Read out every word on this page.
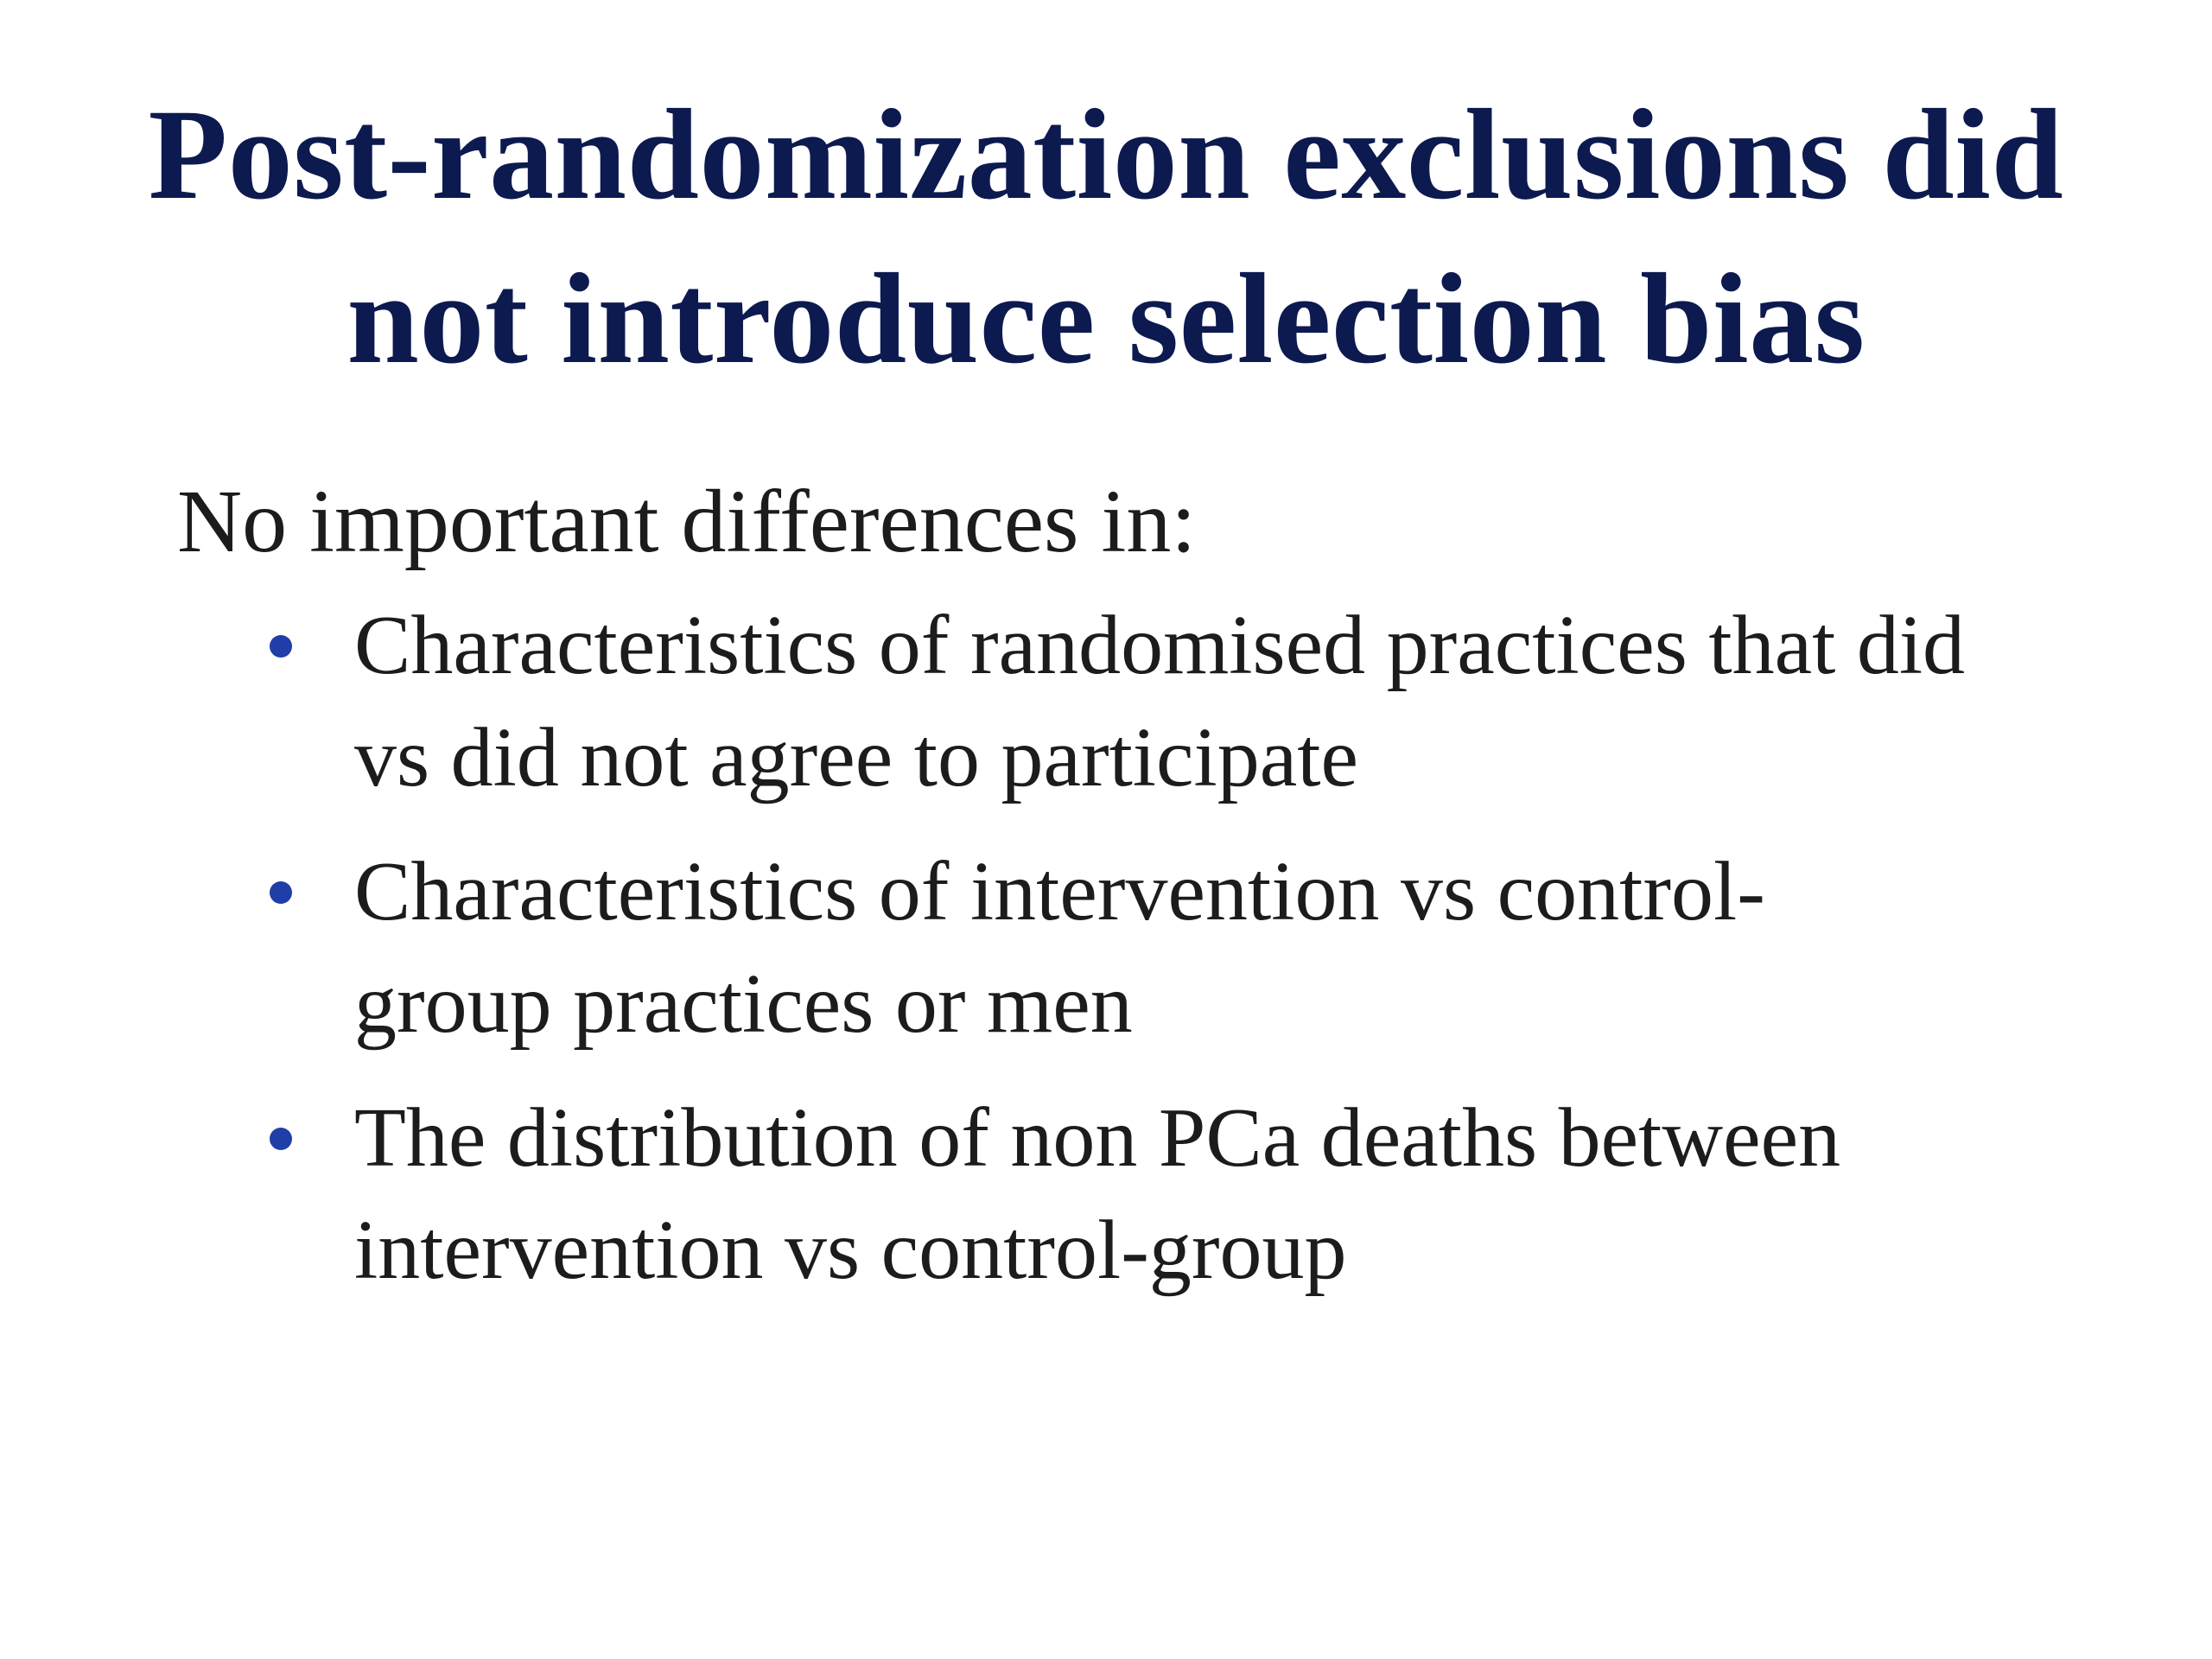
Post-randomization exclusions did
not introduce selection bias

No important differences in:

Characteristics of randomised practices that did
vs did not agree to participate
Characteristics of intervention vs control-
group practices or men
The distribution of non PCa deaths between
intervention vs control-group
